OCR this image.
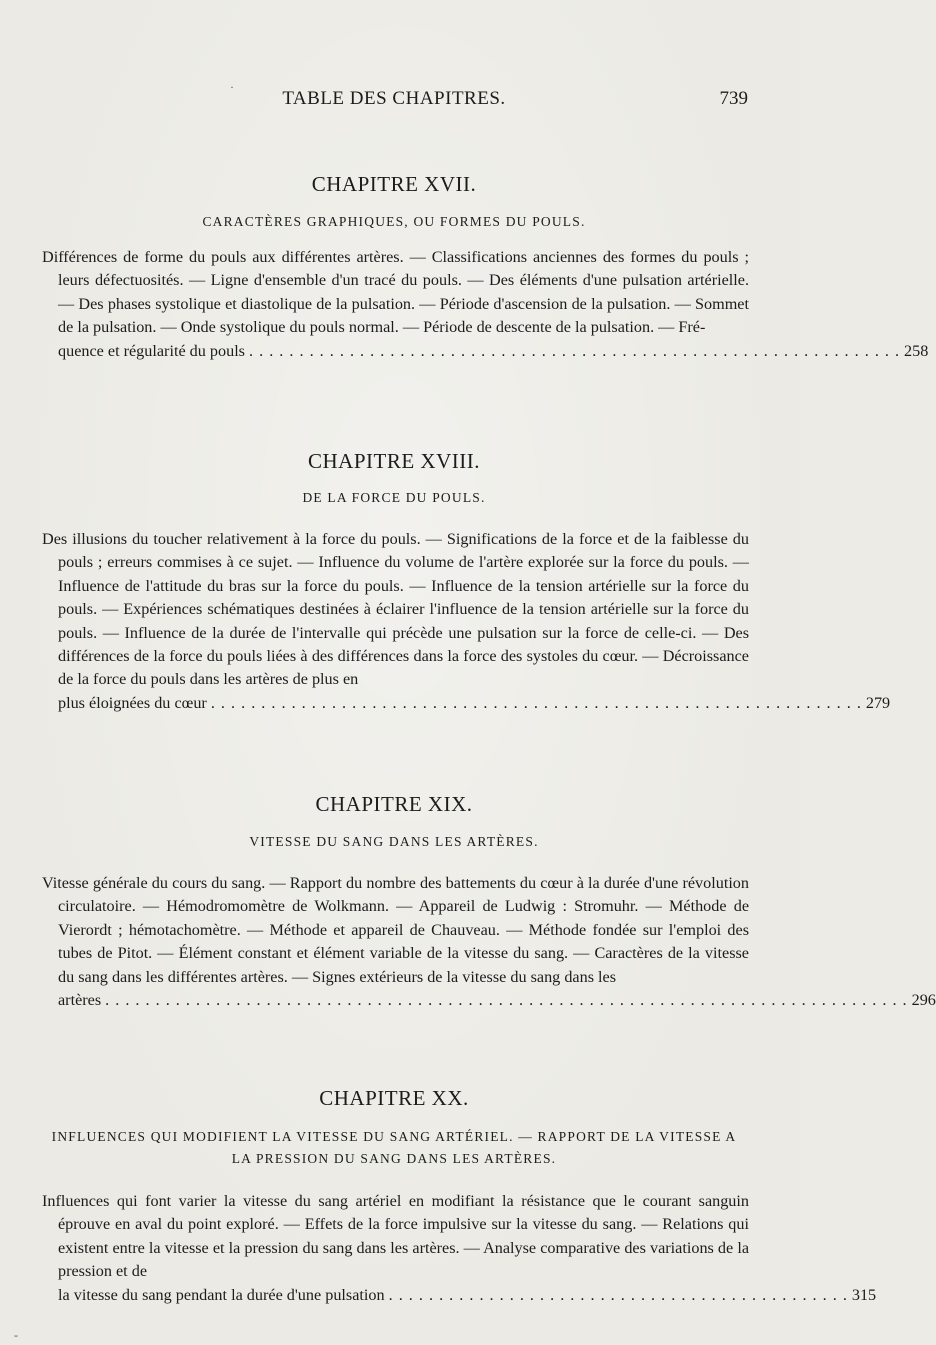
TABLE DES CHAPITRES.	739
CHAPITRE XVII.
CARACTÈRES GRAPHIQUES, OU FORMES DU POULS.
Différences de forme du pouls aux différentes artères. — Classifications anciennes des formes du pouls ; leurs défectuosités. — Ligne d'ensemble d'un tracé du pouls. — Des éléments d'une pulsation artérielle. — Des phases systolique et diastolique de la pulsation. — Période d'ascension de la pulsation. — Sommet de la pulsation. — Onde systolique du pouls normal. — Période de descente de la pulsation. — Fré-
quence et régularité du pouls . . . . . . . . . . . . . . . . . . . . . . . . . . . . . . . . . . . . . . . . . . . . . . . . . . . . . . . . . . . . . . . . . 258
CHAPITRE XVIII.
DE LA FORCE DU POULS.
Des illusions du toucher relativement à la force du pouls. — Significations de la force et de la faiblesse du pouls ; erreurs commises à ce sujet. — Influence du volume de l'artère explorée sur la force du pouls. — Influence de l'attitude du bras sur la force du pouls. — Influence de la tension artérielle sur la force du pouls. — Expériences schématiques destinées à éclairer l'influence de la tension artérielle sur la force du pouls. — Influence de la durée de l'intervalle qui précède une pulsation sur la force de celle-ci. — Des différences de la force du pouls liées à des différences dans la force des systoles du cœur. — Décroissance de la force du pouls dans les artères de plus en
plus éloignées du cœur . . . . . . . . . . . . . . . . . . . . . . . . . . . . . . . . . . . . . . . . . . . . . . . . . . . . . . . . . . . . . . . . . 279
CHAPITRE XIX.
VITESSE DU SANG DANS LES ARTÈRES.
Vitesse générale du cours du sang. — Rapport du nombre des battements du cœur à la durée d'une révolution circulatoire. — Hémodromomètre de Wolkmann. — Appareil de Ludwig : Stromuhr. — Méthode de Vierordt ; hémotachomètre. — Méthode et appareil de Chauveau. — Méthode fondée sur l'emploi des tubes de Pitot. — Élément constant et élément variable de la vitesse du sang. — Caractères de la vitesse du sang dans les différentes artères. — Signes extérieurs de la vitesse du sang dans les
artères . . . . . . . . . . . . . . . . . . . . . . . . . . . . . . . . . . . . . . . . . . . . . . . . . . . . . . . . . . . . . . . . . . . . . . . . . . . . . . . . 296
CHAPITRE XX.
INFLUENCES QUI MODIFIENT LA VITESSE DU SANG ARTÉRIEL. — RAPPORT DE LA VITESSE A LA PRESSION DU SANG DANS LES ARTÈRES.
Influences qui font varier la vitesse du sang artériel en modifiant la résistance que le courant sanguin éprouve en aval du point exploré. — Effets de la force impulsive sur la vitesse du sang. — Relations qui existent entre la vitesse et la pression du sang dans les artères. — Analyse comparative des variations de la pression et de
la vitesse du sang pendant la durée d'une pulsation . . . . . . . . . . . . . . . . . . . . . . . . . . . . . . . . . . . . . . . . . . . . . . 315
·
-
